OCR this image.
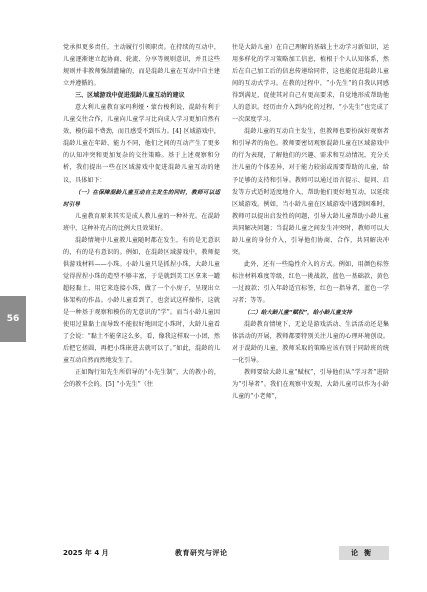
56

党承担更多责任，主动履行引领职责。在持续的互动中，儿童逐渐建立起协商、轮流、分享等规则意识，并且这些规则并非教师强制灌输的，而是混龄儿童在互动中自主建立并遵循的。

三、区域游戏中促进混龄儿童互动的建议

意大利儿童教育家玛利娅・蒙台梭利说，混龄有利于儿童交往合作，儿童向儿童学习比向成人学习更加自然有效，模仿最不费劲，而且感受不到压力。[4] 区域游戏中，混龄儿童在年龄、能力不同，他们之间的互动产生了更多的认知冲突和更加复杂的交往策略。基于上述观察和分析，我们提出一些在区域游戏中促进混龄儿童互动的建议，具体如下：

（一）在保障混龄儿童互动自主发生的同时，教师可以适时引导

儿童教育原来其实是成人教儿童的一种补充。在混龄班中，这种补充占的比例大且效果好。

混龄情境中儿童教儿童随时都在发生，有的是无意识的，有的是有意识的。例如，在混龄区域游戏中，教师提供游戏材料——小珠。小龄儿童只是抓捏小珠，大龄儿童觉得捏捏小珠的造型不够丰富，于是就到美工区拿来一罐超轻黏土，用它来连接小珠，做了一个小房子，呈现出立体架构的作品。小龄儿童看到了，也尝试这样操作，这就是一种基于观察和模仿的无意识的“学”。而当小龄儿童因使用过量黏土而导致不能很好地固定小珠时，大龄儿童看了会说：“黏土不能拿这么多，看，像我这样取一小团，然后把它搓圆，再把小珠嵌进去就可以了。”如此，混龄的儿童互动自然而然地发生了。

正如陶行知先生所倡导的“小先生制”，大的教小的，会的教不会的。[5] “小先生”（往

往是大龄儿童）在自己理解的基础上主动学习新知识，运用多样化的学习策略加工信息，植根于个人认知体系，然后在自己加工后的信息传递给同伴，这也能促进混龄儿童间的互动式学习。在教的过程中，“小先生”的自我认同感得到满足，促使其对自己有更高要求，自觉地形成帮助他人的意识。经历由介入到内化的过程，“小先生”也完成了一次深度学习。

混龄儿童的互动自主发生，但教师也要扮演好观察者和引导者的角色。教师要密切观察混龄儿童在区域游戏中的行为表现，了解他们的兴趣、需求和互动情况，充分关注儿童的个体差异，对于能力较弱或需要帮助的儿童，给予足够的支持和引导。教师可以通过语言提示、提问、启发等方式适时适度地介入，帮助他们更好地互动，以延续区域游戏。例如，当小龄儿童在区域游戏中遇到困难时，教师可以提出启发性的问题，引导大龄儿童帮助小龄儿童共同解决问题；当混龄儿童之间发生冲突时，教师可以大龄儿童的身份介入，引导他们协商、合作，共同解决冲突。

此外，还有一些隐性介入的方式。例如，用颜色标签标注材料难度等级，红色一挑战款，蓝色一基础款，黄色一过渡款；引入年龄适宜标签，红色一指导者，蓝色一学习者；等等。

（二）给大龄儿童“赋权”，给小龄儿童支持

混龄教育情境下，无论是游戏活动、生活活动还是集体活动的开展，教师都要特别关注儿童的心理环境创设。对于混龄的儿童，教师采取的策略应该有别于同龄班的统一化引导。

教师要给大龄儿童“赋权”，引导他们从“学习者”进阶为“引导者”。我们在观察中发现，大龄儿童可以作为小龄儿童的“小老师”，

2025 年 4 月	教育研究与评论	论衡
